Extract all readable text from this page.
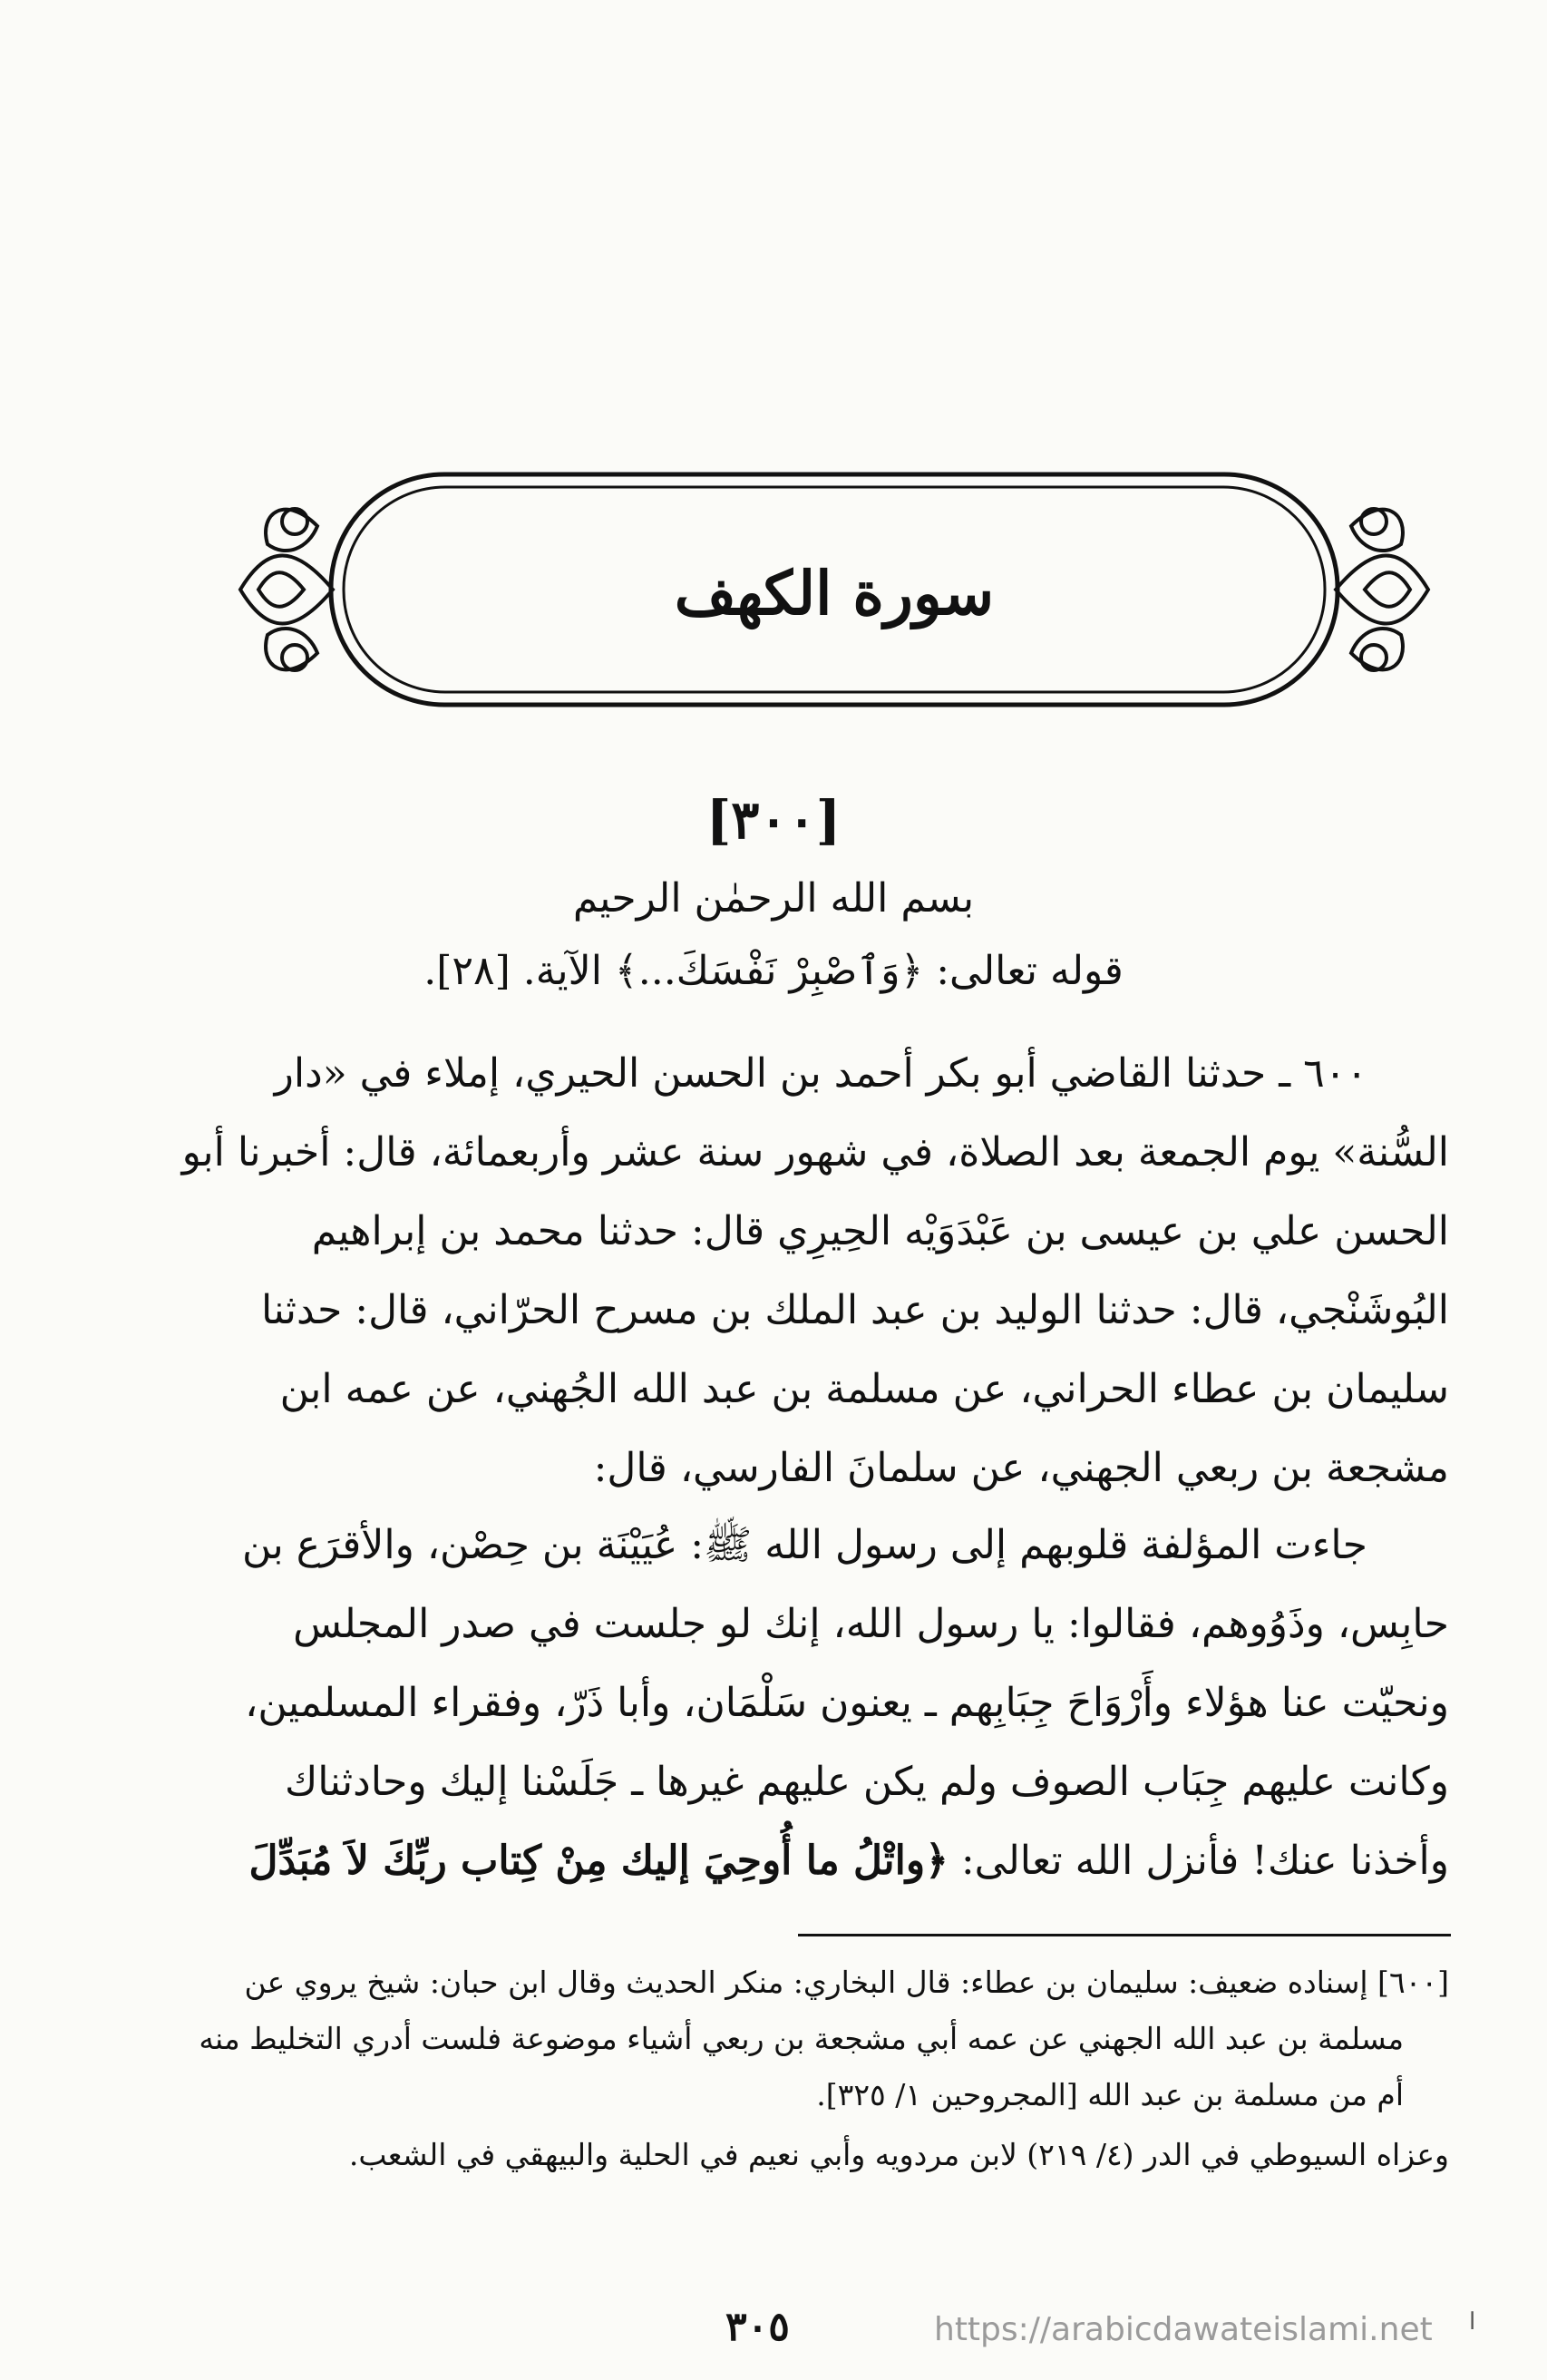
سورة الكهف
[٣٠٠]
بسم الله الرحمٰن الرحيم
قوله تعالى: ﴿وَٱصْبِرْ نَفْسَكَ...﴾ الآية. [٢٨].
٦٠٠ ـ حدثنا القاضي أبو بكر أحمد بن الحسن الحيري، إملاء في «دار
السُّنة» يوم الجمعة بعد الصلاة، في شهور سنة عشر وأربعمائة، قال: أخبرنا أبو
الحسن علي بن عيسى بن عَبْدَوَيْه الحِيرِي قال: حدثنا محمد بن إبراهيم
البُوشَنْجي، قال: حدثنا الوليد بن عبد الملك بن مسرح الحرّاني، قال: حدثنا
سليمان بن عطاء الحراني، عن مسلمة بن عبد الله الجُهني، عن عمه ابن
مشجعة بن ربعي الجهني، عن سلمانَ الفارسي، قال:
جاءت المؤلفة قلوبهم إلى رسول الله ﷺ: عُيَيْنَة بن حِصْن، والأقرَع بن
حابِس، وذَوُوهم، فقالوا: يا رسول الله، إنك لو جلست في صدر المجلس
ونحيّت عنا هؤلاء وأَرْوَاحَ جِبَابِهم ـ يعنون سَلْمَان، وأبا ذَرّ، وفقراء المسلمين،
وكانت عليهم جِبَاب الصوف ولم يكن عليهم غيرها ـ جَلَسْنا إليك وحادثناك
وأخذنا عنك! فأنزل الله تعالى: ﴿واتْلُ ما أُوحِيَ إليك مِنْ كِتاب ربِّكَ لاَ مُبَدِّلَ
[٦٠٠] إسناده ضعيف: سليمان بن عطاء: قال البخاري: منكر الحديث وقال ابن حبان: شيخ يروي عن
مسلمة بن عبد الله الجهني عن عمه أبي مشجعة بن ربعي أشياء موضوعة فلست أدري التخليط منه
أم من مسلمة بن عبد الله [المجروحين ١/ ٣٢٥].
وعزاه السيوطي في الدر (٤/ ٢١٩) لابن مردويه وأبي نعيم في الحلية والبيهقي في الشعب.
٣٠٥	https://arabicdawateislami.net ا
